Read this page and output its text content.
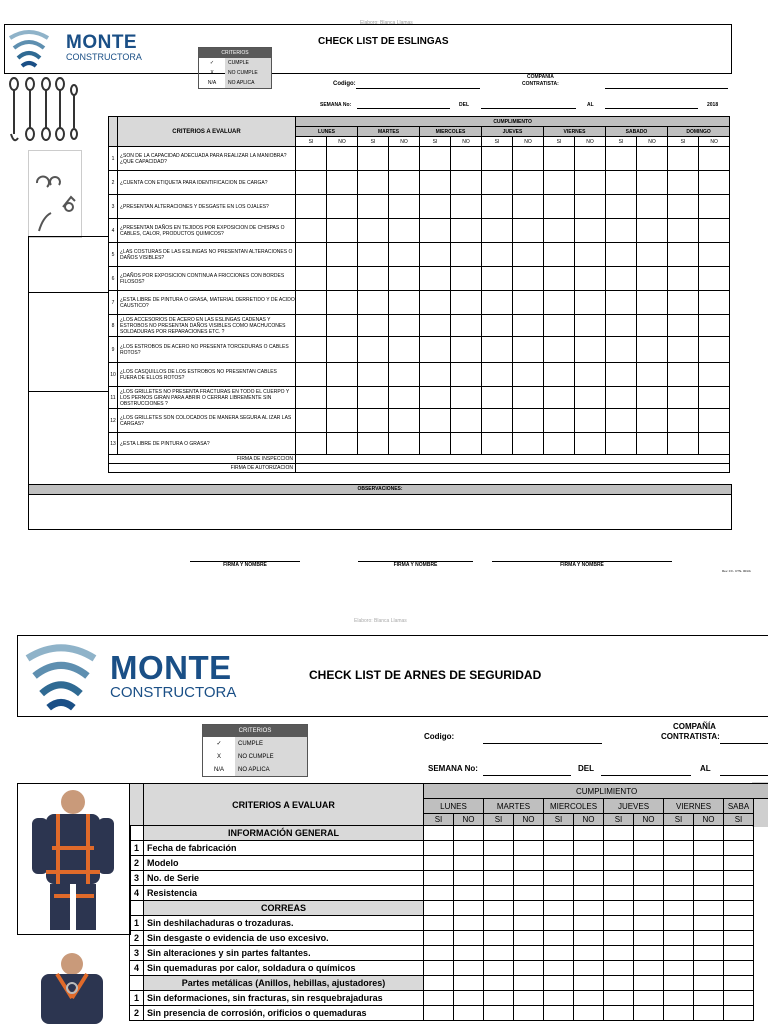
Elaboro: Blanca Llamas
MONTE
CONSTRUCTORA	CRITERIOS
✓	CUMPLE
X	NO CUMPLE
N/A	NO APLICA
CHECK LIST DE ESLINGAS
Codigo:
COMPAÑÍA
CONTRATISTA:
SEMANA No:	DEL	AL	2018
	CRITERIOS A EVALUAR	CUMPLIMIENTO													
		LUNES		MARTES		MIERCOLES		JUEVES		VIERNES		SABADO		DOMINGO	
		SI	NO	SI	NO	SI	NO	SI	NO	SI	NO	SI	NO	SI	NO
1	¿SON DE LA CAPACIDAD ADECUADA PARA REALIZAR LA MANIOBRA? ¿QUE CAPACIDAD?														
2	¿CUENTA CON ETIQUETA PARA IDENTIFICACION DE CARGA?														
3	¿PRESENTAN ALTERACIONES Y DESGASTE EN LOS OJALES?														
4	¿PRESENTAN DAÑOS EN TEJIDOS POR EXPOSICION DE CHISPAS O CABLES, CALOR, PRODUCTOS QUIMICOS?														
5	¿LAS COSTURAS DE LAS ESLINGAS NO PRESENTAN ALTERACIONES O DAÑOS VISIBLES?														
6	¿DAÑOS POR EXPOSICION CONTINUA A FRICCIONES CON BORDES FILOSOS?														
7	¿ESTA LIBRE DE PINTURA O GRASA, MATERIAL DERRETIDO Y DE ACIDO CAUSTICO?														
8	¿LOS ACCESORIOS DE ACERO EN LAS ESLINGAS CADENAS Y ESTROBOS NO PRESENTAN DAÑOS VISIBLES COMO MACHUCONES SOLDADURAS POR REPARACIONES ETC. ?														
9	¿LOS ESTROBOS DE ACERO NO PRESENTA TORCEDURAS O CABLES ROTOS?														
10	¿LOS CASQUILLOS DE LOS ESTROBOS NO PRESENTAN CABLES FUERA DE ELLOS ROTOS?														
11	¿LOS GRILLETES NO PRESENTA FRACTURAS EN TODO EL CUERPO Y LOS PERNOS GIRAN PARA ABRIR O CERRAR LIBREMENTE SIN OBSTRUCCIONES ?														
12	¿LOS GRILLETES SON COLOCADOS DE MANERA SEGURA AL IZAR LAS CARGAS?														
13	¿ESTA LIBRE DE PINTURA O GRASA?														
FIRMA DE INSPECCION															
FIRMA DE AUTORIZACION															
OBSERVACIONES:
FIRMA Y NOMBRE	FIRMA Y NOMBRE	FIRMA Y NOMBRE
Rev. 0 F- CTN- 001/A
Elaboro: Blanca Llamas
MONTE
CONSTRUCTORA
CHECK LIST DE ARNES DE SEGURIDAD
CRITERIOS
✓	CUMPLE
X	NO CUMPLE
N/A	NO APLICA
Codigo:
COMPAÑÍA
CONTRATISTA:
SEMANA No:	DEL	AL
	CRITERIOS A EVALUAR	CUMPLIMIENTO										
		LUNES		MARTES		MIERCOLES		JUEVES		VIERNES		SABA
		SI	NO	SI	NO	SI	NO	SI	NO	SI	NO	SI
	INFORMACIÓN GENERAL											
1	Fecha de fabricación											
2	Modelo											
3	No. de Serie											
4	Resistencia											
	CORREAS											
1	Sin deshilachaduras o trozaduras.											
2	Sin desgaste o evidencia de uso excesivo.											
3	Sin alteraciones y sin partes faltantes.											
4	Sin quemaduras por calor, soldadura o químicos											
	Partes metálicas (Anillos, hebillas, ajustadores)											
1	Sin deformaciones, sin fracturas, sin resquebrajaduras											
2	Sin presencia de corrosión, orificios o quemaduras											
